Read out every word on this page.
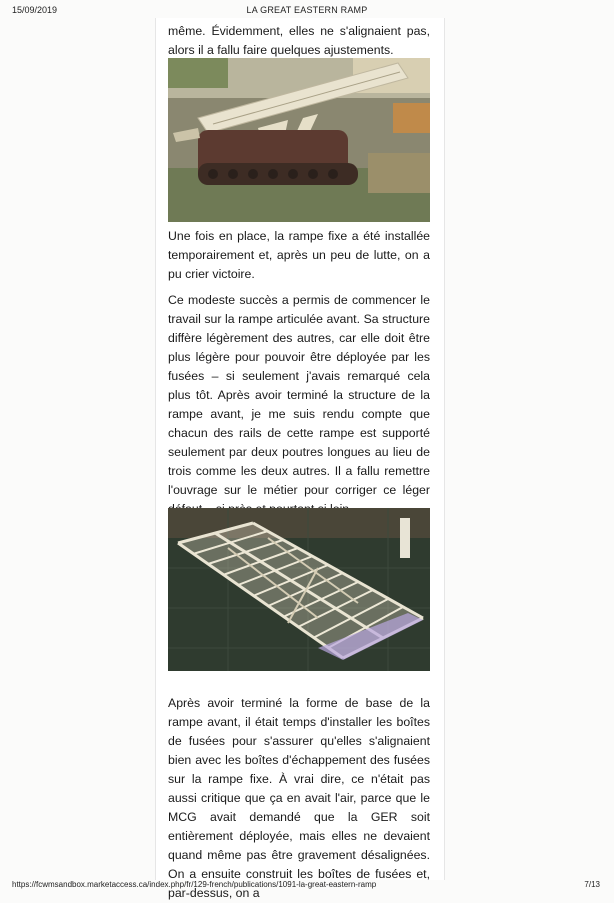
15/09/2019	LA GREAT EASTERN RAMP

même. Évidemment, elles ne s'alignaient pas, alors il a fallu faire quelques ajustements.

Une fois en place, la rampe fixe a été installée temporairement et, après un peu de lutte, on a pu crier victoire.

Ce modeste succès a permis de commencer le travail sur la rampe articulée avant. Sa structure diffère légèrement des autres, car elle doit être plus légère pour pouvoir être déployée par les fusées – si seulement j'avais remarqué cela plus tôt. Après avoir terminé la structure de la rampe avant, je me suis rendu compte que chacun des rails de cette rampe est supporté seulement par deux poutres longues au lieu de trois comme les deux autres. Il a fallu remettre l'ouvrage sur le métier pour corriger ce léger

Après avoir terminé la forme de base de la rampe avant, il était temps d'installer les boîtes de fusées pour s'assurer qu'elles s'alignaient bien avec les boîtes d'échappement des fusées sur la rampe fixe. À vrai dire, ce n'était pas aussi critique que ça en avait l'air, parce que le MCG avait demandé que la GER soit entièrement déployée, mais elles ne devaient quand même pas être gravement désalignées. On a ensuite construit les boîtes de fusées et, par-dessus, on a

https://fcwmsandbox.marketaccess.ca/index.php/fr/129-french/publications/1091-la-great-eastern-ramp	7/13
